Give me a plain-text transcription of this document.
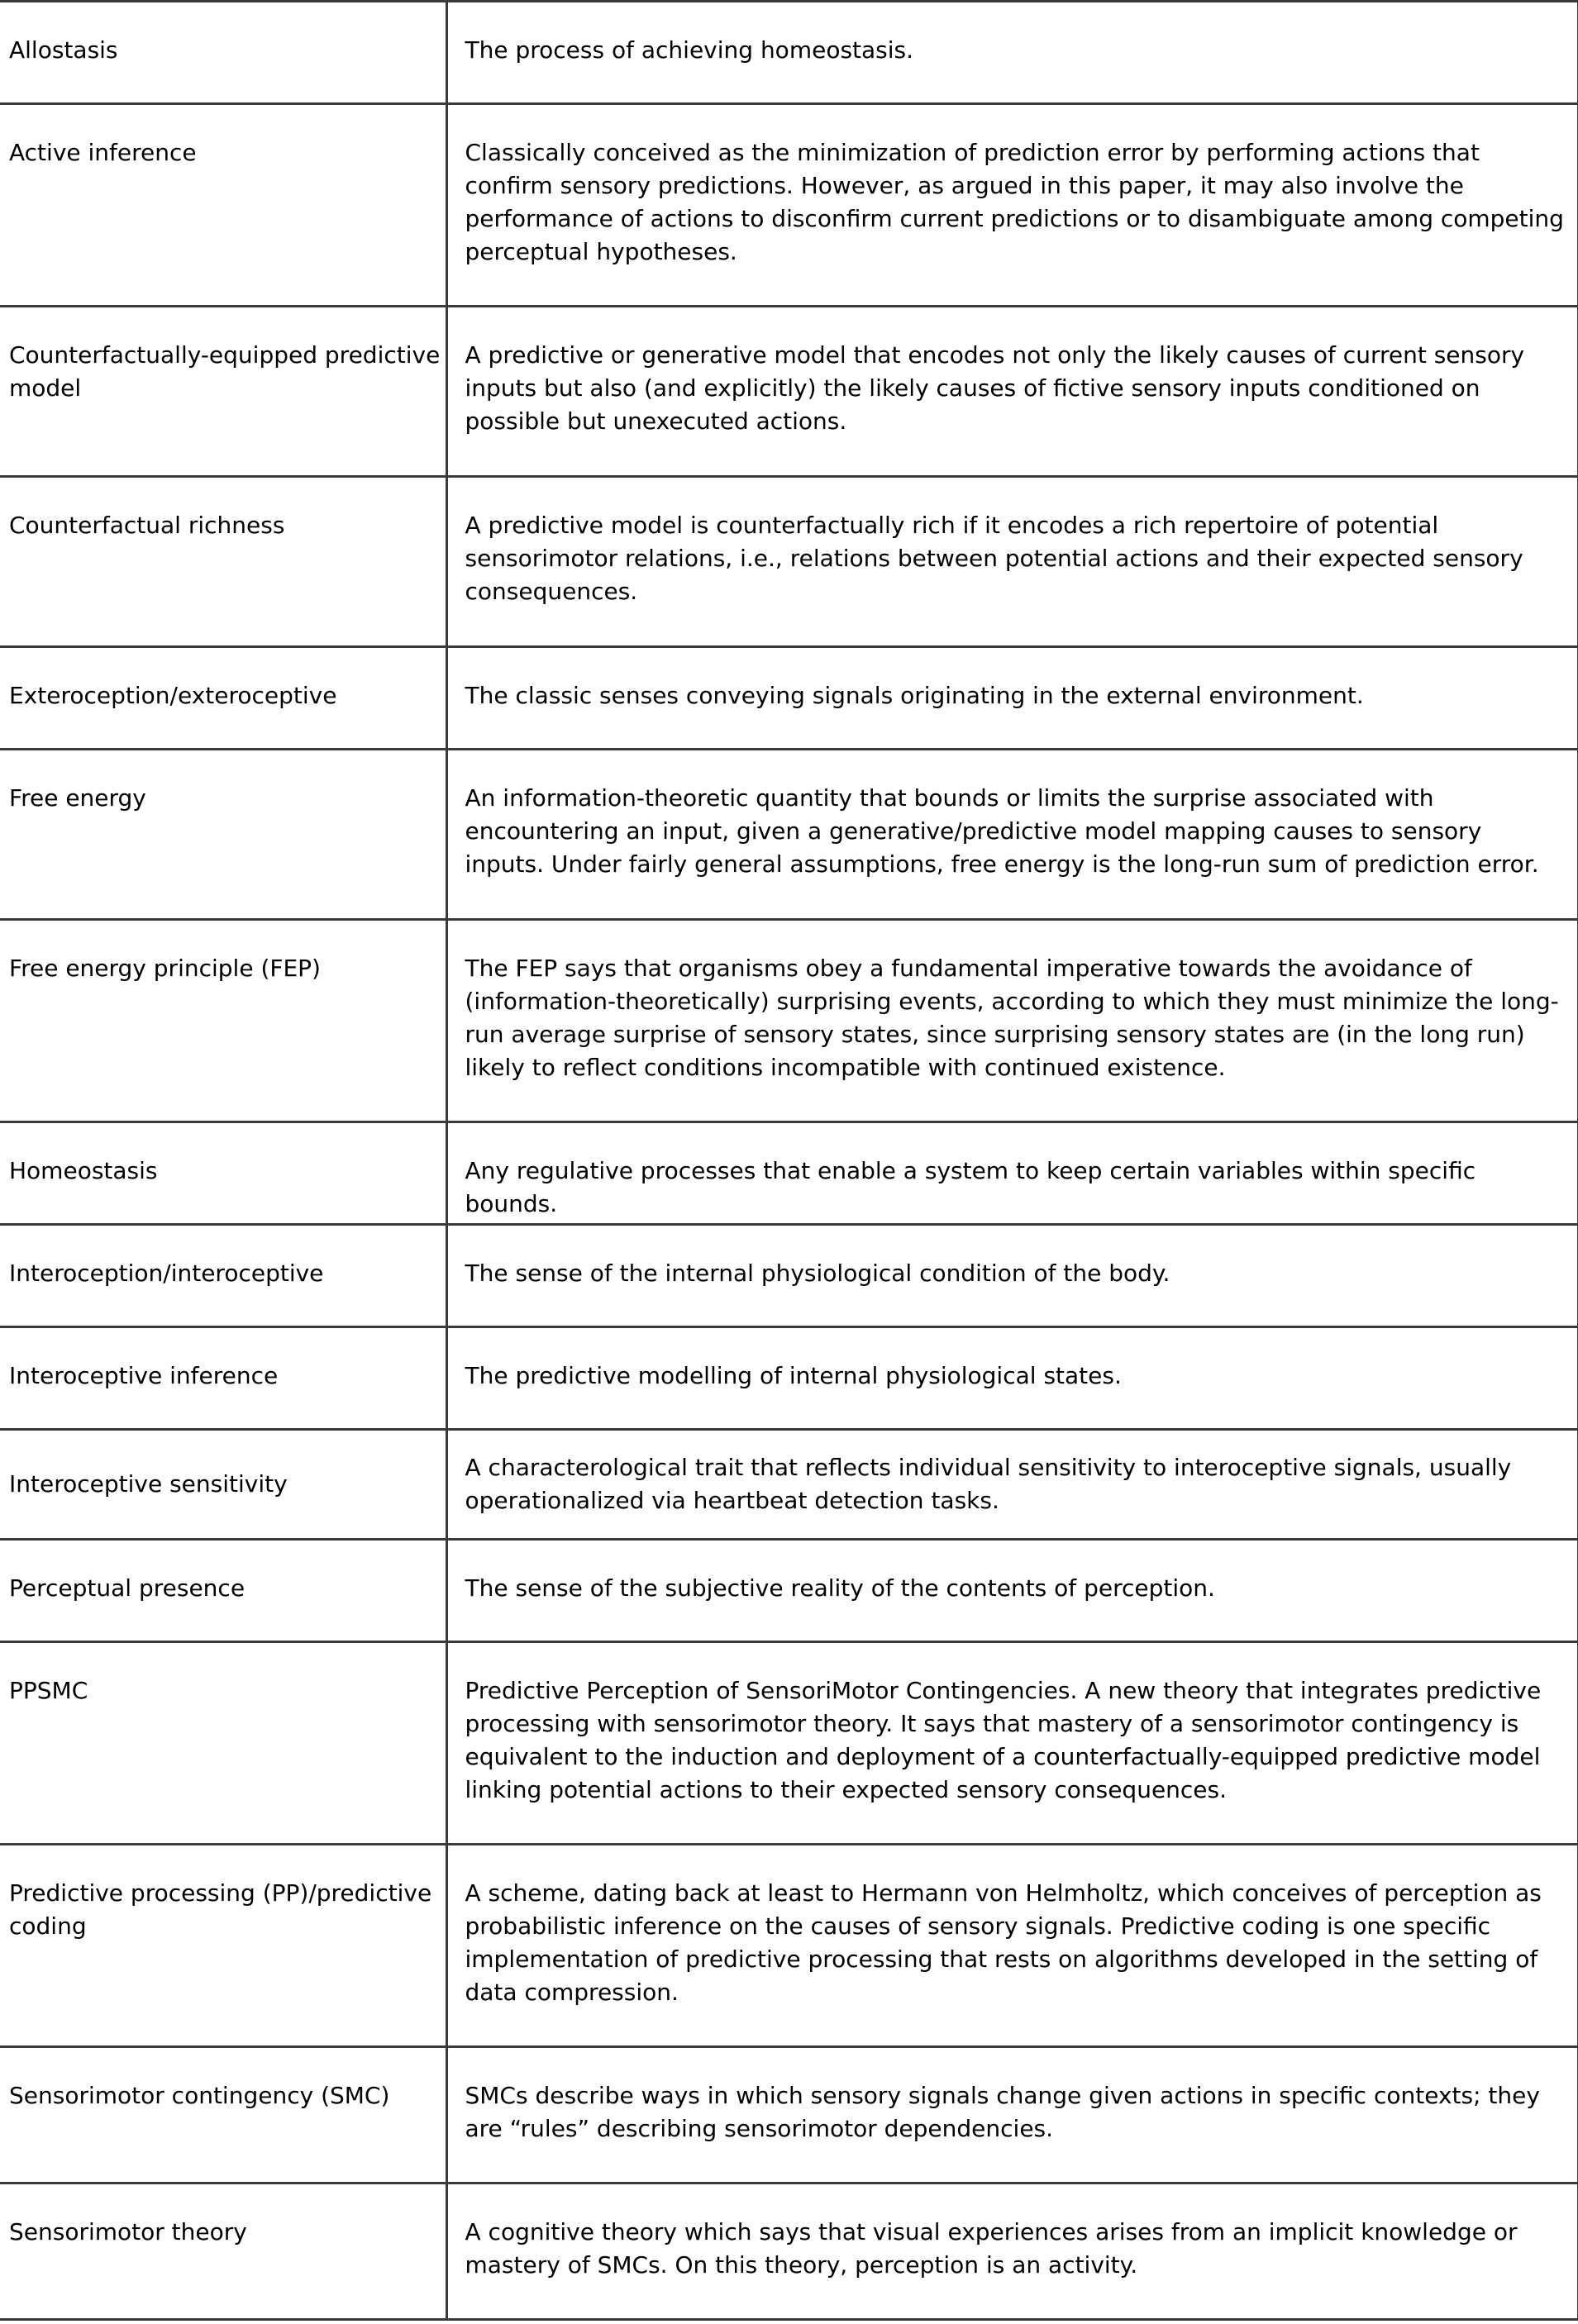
Allostasis	The process of achieving homeostasis.
Active inference	Classically conceived as the minimization of prediction error by performing actions that confirm sensory predictions. However, as argued in this paper, it may also involve the performance of actions to disconfirm current predictions or to disambiguate among competing perceptual hypotheses.
Counterfactually-equipped predictive model	A predictive or generative model that encodes not only the likely causes of current sensory inputs but also (and explicitly) the likely causes of fictive sensory inputs conditioned on possible but unexecuted actions.
Counterfactual richness	A predictive model is counterfactually rich if it encodes a rich repertoire of potential sensorimotor relations, i.e., relations between potential actions and their expected sensory consequences.
Exteroception/exteroceptive	The classic senses conveying signals originating in the external environment.
Free energy	An information-theoretic quantity that bounds or limits the surprise associated with encountering an input, given a generative/predictive model mapping causes to sensory inputs. Under fairly general assumptions, free energy is the long-run sum of prediction error.
Free energy principle (FEP)	The FEP says that organisms obey a fundamental imperative towards the avoidance of (information-theoretically) surprising events, according to which they must minimize the long-run average surprise of sensory states, since surprising sensory states are (in the long run) likely to reflect conditions incompatible with continued existence.
Homeostasis	Any regulative processes that enable a system to keep certain variables within specific bounds.
Interoception/interoceptive	The sense of the internal physiological condition of the body.
Interoceptive inference	The predictive modelling of internal physiological states.
Interoceptive sensitivity	A characterological trait that reflects individual sensitivity to interoceptive signals, usually operationalized via heartbeat detection tasks.
Perceptual presence	The sense of the subjective reality of the contents of perception.
PPSMC	Predictive Perception of SensoriMotor Contingencies. A new theory that integrates predictive processing with sensorimotor theory. It says that mastery of a sensorimotor contingency is equivalent to the induction and deployment of a counterfactually-equipped predictive model linking potential actions to their expected sensory consequences.
Predictive processing (PP)/predictive coding	A scheme, dating back at least to Hermann von Helmholtz, which conceives of perception as probabilistic inference on the causes of sensory signals. Predictive coding is one specific implementation of predictive processing that rests on algorithms developed in the setting of data compression.
Sensorimotor contingency (SMC)	SMCs describe ways in which sensory signals change given actions in specific contexts; they are “rules” describing sensorimotor dependencies.
Sensorimotor theory	A cognitive theory which says that visual experiences arises from an implicit knowledge or mastery of SMCs. On this theory, perception is an activity.
